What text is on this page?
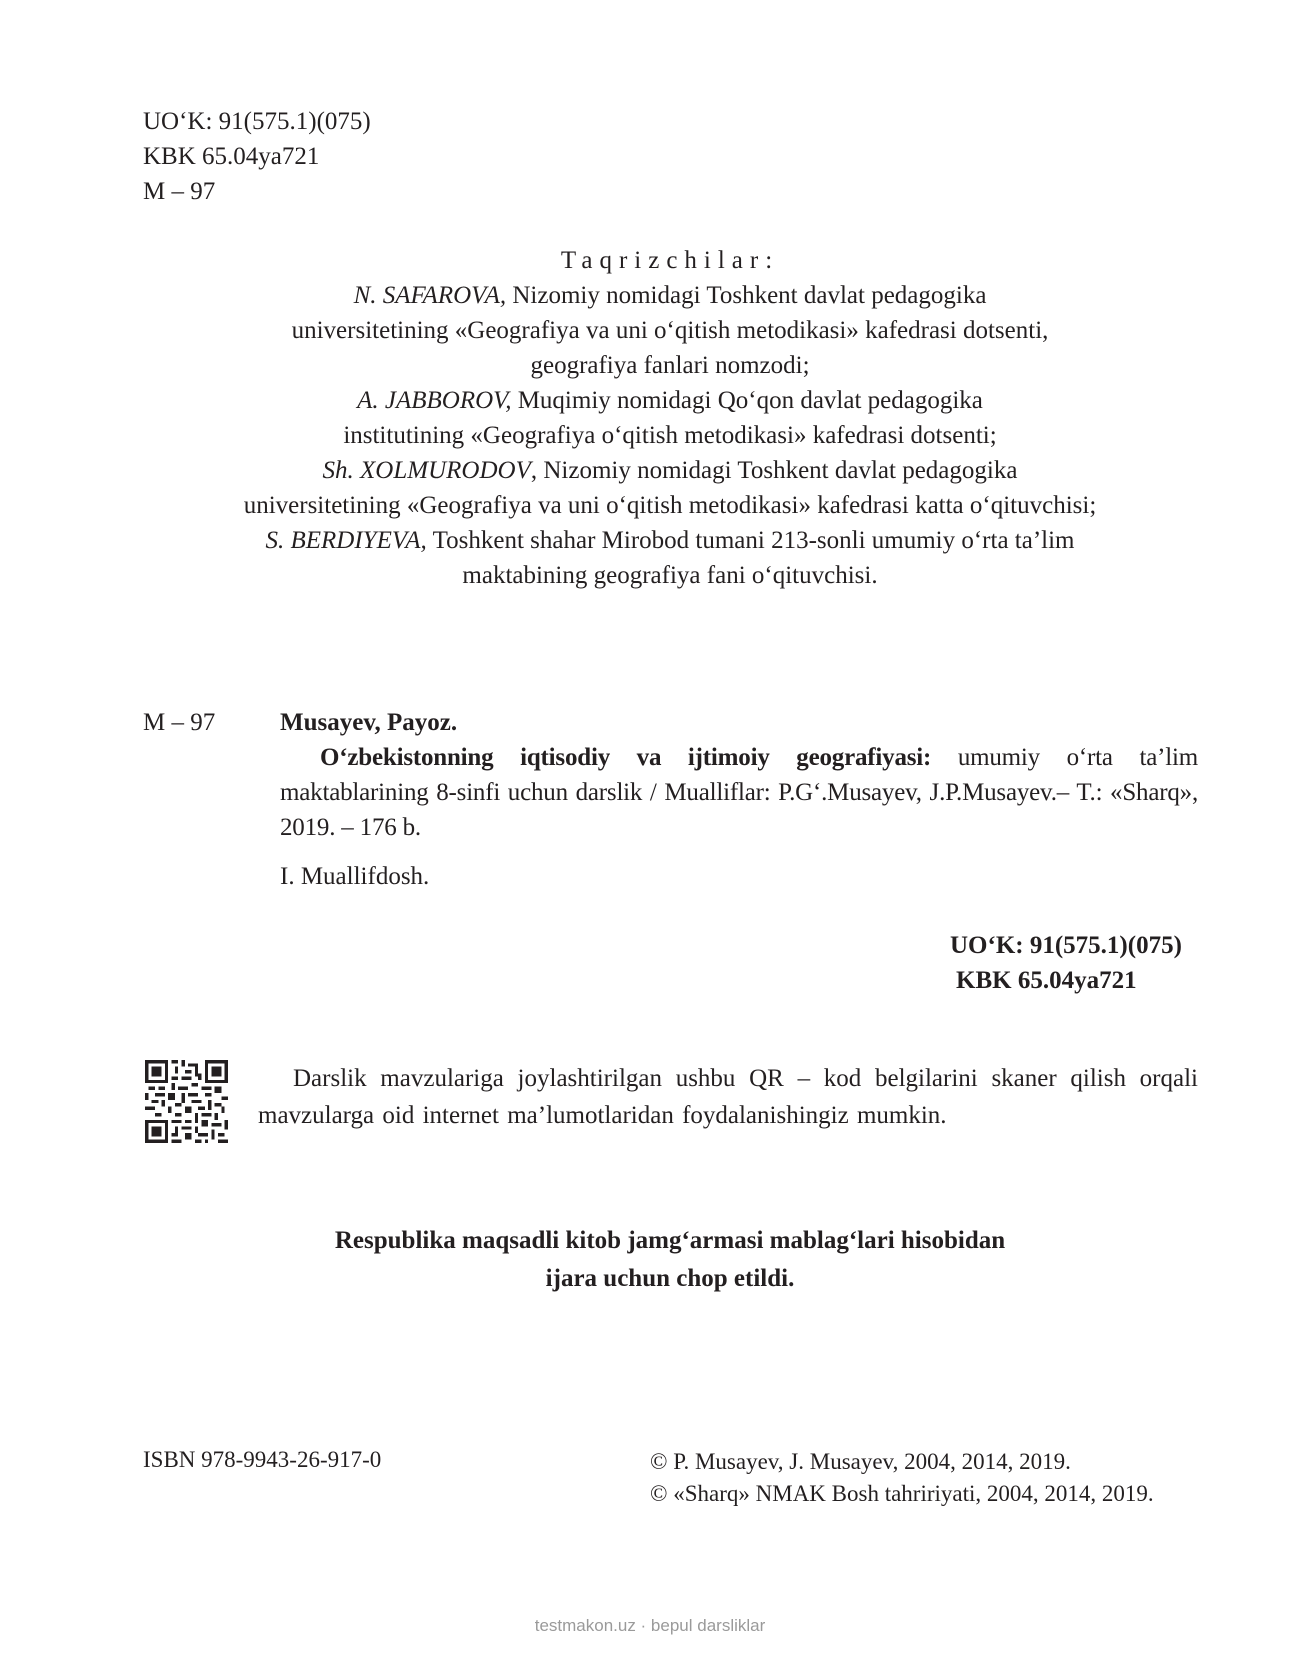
UO‘K: 91(575.1)(075)
KBK 65.04ya721
M – 97
Taqrizchilar:
N. SAFAROVA, Nizomiy nomidagi Toshkent davlat pedagogika
universitetining «Geografiya va uni o‘qitish metodikasi» kafedrasi dotsenti,
geografiya fanlari nomzodi;
A. JABBOROV, Muqimiy nomidagi Qo‘qon davlat pedagogika
institutining «Geografiya o‘qitish metodikasi» kafedrasi dotsenti;
Sh. XOLMURODOV, Nizomiy nomidagi Toshkent davlat pedagogika
universitetining «Geografiya va uni o‘qitish metodikasi» kafedrasi katta o‘qituvchisi;
S. BERDIYEVA, Toshkent shahar Mirobod tumani 213-sonli umumiy o‘rta ta’lim
maktabining geografiya fani o‘qituvchisi.
M – 97	Musayev, Payoz.
O‘zbekistonning iqtisodiy va ijtimoiy geografiyasi: umumiy o‘rta ta’lim maktablarining 8-sinfi uchun darslik / Mualliflar: P.G‘.Musayev, J.P.Musayev.– T.: «Sharq», 2019. – 176 b.
I. Muallifdosh.
UO‘K: 91(575.1)(075)
KBK 65.04ya721
Darslik mavzulariga joylashtirilgan ushbu QR – kod belgilarini skaner qilish orqali mavzularga oid internet ma’lumotlaridan foydalanishingiz mumkin.
Respublika maqsadli kitob jamg‘armasi mablag‘lari hisobidan
ijara uchun chop etildi.
ISBN 978-9943-26-917-0	© P. Musayev, J. Musayev, 2004, 2014, 2019.
© «Sharq» NMAK Bosh tahririyati, 2004, 2014, 2019.
testmakon.uz · bepul darsliklar
